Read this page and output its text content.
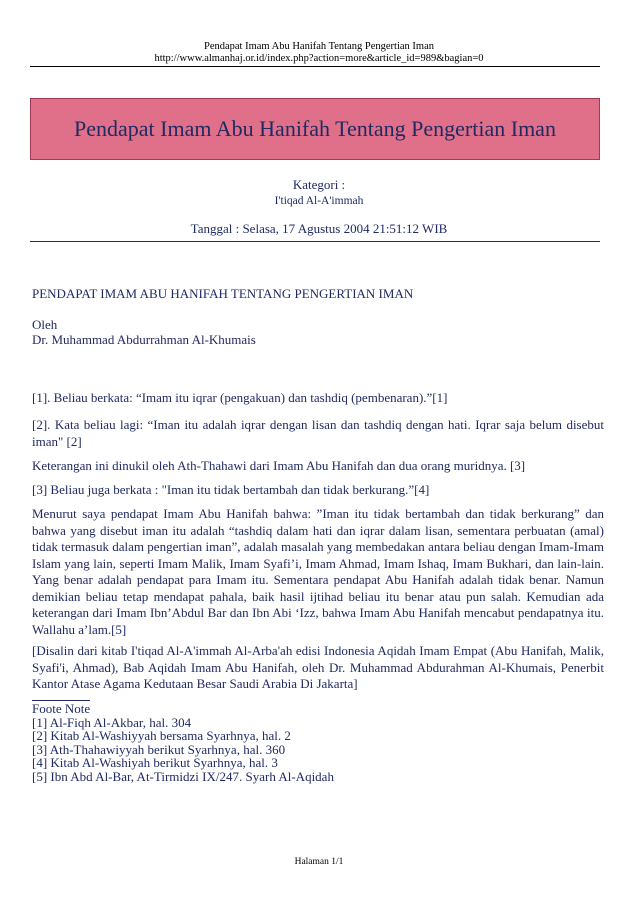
Pendapat Imam Abu Hanifah Tentang Pengertian Iman
http://www.almanhaj.or.id/index.php?action=more&article_id=989&bagian=0
Pendapat Imam Abu Hanifah Tentang Pengertian Iman
Kategori :
I'tiqad Al-A'immah
Tanggal : Selasa, 17 Agustus 2004 21:51:12 WIB
PENDAPAT IMAM ABU HANIFAH TENTANG PENGERTIAN IMAN
Oleh
Dr. Muhammad Abdurrahman Al-Khumais
[1]. Beliau berkata: “Imam itu iqrar (pengakuan) dan tashdiq (pembenaran).”[1]
[2]. Kata beliau lagi: “Iman itu adalah iqrar dengan lisan dan tashdiq dengan hati. Iqrar saja belum disebut iman" [2]
Keterangan ini dinukil oleh Ath-Thahawi dari Imam Abu Hanifah dan dua orang muridnya. [3]
[3] Beliau juga berkata : "Iman itu tidak bertambah dan tidak berkurang.”[4]
Menurut saya pendapat Imam Abu Hanifah bahwa: ”Iman itu tidak bertambah dan tidak berkurang” dan bahwa yang disebut iman itu adalah “tashdiq dalam hati dan iqrar dalam lisan, sementara perbuatan (amal) tidak termasuk dalam pengertian iman”, adalah masalah yang membedakan antara beliau dengan Imam-Imam Islam yang lain, seperti Imam Malik, Imam Syafi’i, Imam Ahmad, Imam Ishaq, Imam Bukhari, dan lain-lain. Yang benar adalah pendapat para Imam itu. Sementara pendapat Abu Hanifah adalah tidak benar. Namun demikian beliau tetap mendapat pahala, baik hasil ijtihad beliau itu benar atau pun salah. Kemudian ada keterangan dari Imam Ibn’Abdul Bar dan Ibn Abi ‘Izz, bahwa Imam Abu Hanifah mencabut pendapatnya itu. Wallahu a’lam.[5]
[Disalin dari kitab I'tiqad Al-A'immah Al-Arba'ah edisi Indonesia Aqidah Imam Empat (Abu Hanifah, Malik, Syafi'i, Ahmad), Bab Aqidah Imam Abu Hanifah, oleh Dr. Muhammad Abdurahman Al-Khumais, Penerbit Kantor Atase Agama Kedutaan Besar Saudi Arabia Di Jakarta]
Foote Note
[1] Al-Fiqh Al-Akbar, hal. 304
[2] Kitab Al-Washiyyah bersama Syarhnya, hal. 2
[3] Ath-Thahawiyyah berikut Syarhnya, hal. 360
[4] Kitab Al-Washiyah berikut Syarhnya, hal. 3
[5] Ibn Abd Al-Bar, At-Tirmidzi IX/247. Syarh Al-Aqidah
Halaman 1/1
